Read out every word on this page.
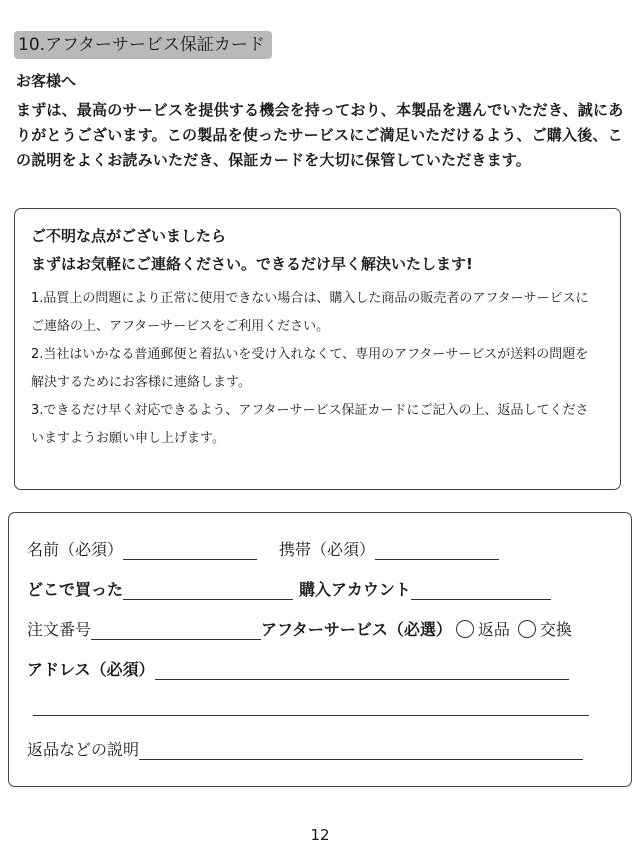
10.アフターサービス保証カード
お客様へ
まずは、最高のサービスを提供する機会を持っており、本製品を選んでいただき、誠にありがとうございます。この製品を使ったサービスにご満足いただけるよう、ご購入後、この説明をよくお読みいただき、保証カードを大切に保管していただきます。
ご不明な点がございましたら
まずはお気軽にご連絡ください。できるだけ早く解決いたします!
1.品質上の問題により正常に使用できない場合は、購入した商品の販売者のアフターサービスにご連絡の上、アフターサービスをご利用ください。
2.当社はいかなる普通郵便と着払いを受け入れなくて、専用のアフターサービスが送料の問題を解決するためにお客様に連絡します。
3.できるだけ早く対応できるよう、アフターサービス保証カードにご記入の上、返品してくださいますようお願い申し上げます。
名前（必須）	携帯（必須）
どこで買った	購入アカウント
注文番号	アフターサービス（必選） 返品 交換
アドレス（必須）
返品などの説明
12
